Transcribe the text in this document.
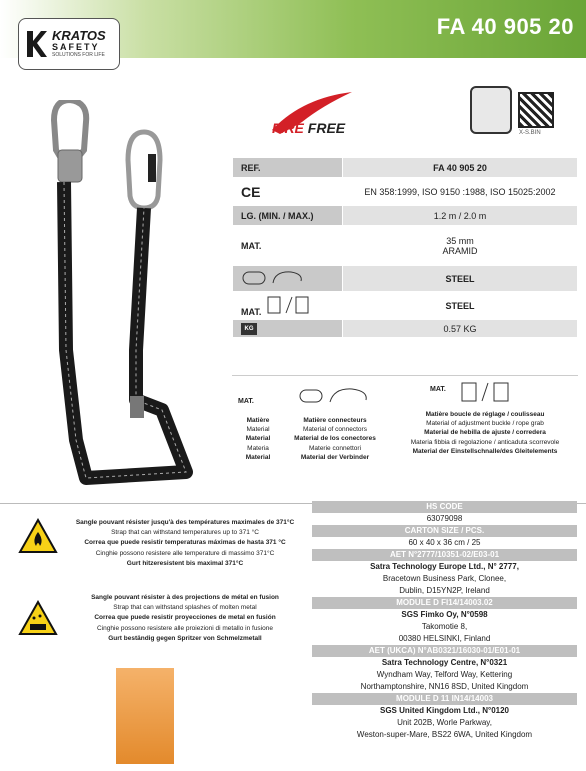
FA 40 905 20
KRATOS
SAFETY
SOLUTIONS FOR LIFE
FIRE FREE	X-S.BIN
REF.	FA 40 905 20
CE	EN 358:1999, ISO 9150 :1988, ISO 15025:2002
LG. (MIN. / MAX.)	1.2 m / 2.0 m
MAT.	35 mm
ARAMID

	STEEL
MAT.	STEEL
KG	0.57 KG
MAT.
MAT.
Matière
Material
Material
Materia
Material
Matière connecteurs
Material of connectors
Material de los conectores
Materie connettori
Material der Verbinder
Matière boucle de réglage / coulisseau
Material of adjustment buckle / rope grab
Material de hebilla de ajuste / corredera
Materia fibbia di regolazione / anticaduta scorrevole
Material der Einstellschnalle/des Gleitelements
Sangle pouvant résister jusqu'à des températures maximales de 371°C
Strap that can withstand temperatures up to 371 °C
Correa que puede resistir temperaturas máximas de hasta 371 °C
Cinghie possono resistere alle temperature di massimo 371°C
Gurt hitzeresistent bis maximal 371°C
Sangle pouvant résister à des projections de métal en fusion
Strap that can withstand splashes of molten metal
Correa que puede resistir proyecciones de metal en fusión
Cinghie possono resistere alle proiezioni di metallo in fusione
Gurt beständig gegen Spritzer von Schmelzmetall
HS CODE
63079098
CARTON SIZE / PCS.
60 x 40 x 36 cm / 25
AET N°2777/10351-02/E03-01
Satra Technology Europe Ltd., N° 2777,
Bracetown Business Park, Clonee,
Dublin, D15YN2P, Ireland
MODULE D FI14/14003.02
SGS Fimko Oy, N°0598
Takomotie 8,
00380 HELSINKI, Finland
AET (UKCA) N°AB0321/16030-01/E01-01
Satra Technology Centre, N°0321
Wyndham Way, Telford Way, Kettering
Northamptonshire, NN16 8SD, United Kingdom
MODULE D 11 IN14/14003
SGS United Kingdom Ltd., N°0120
Unit 202B, Worle Parkway,
Weston-super-Mare, BS22 6WA, United Kingdom
